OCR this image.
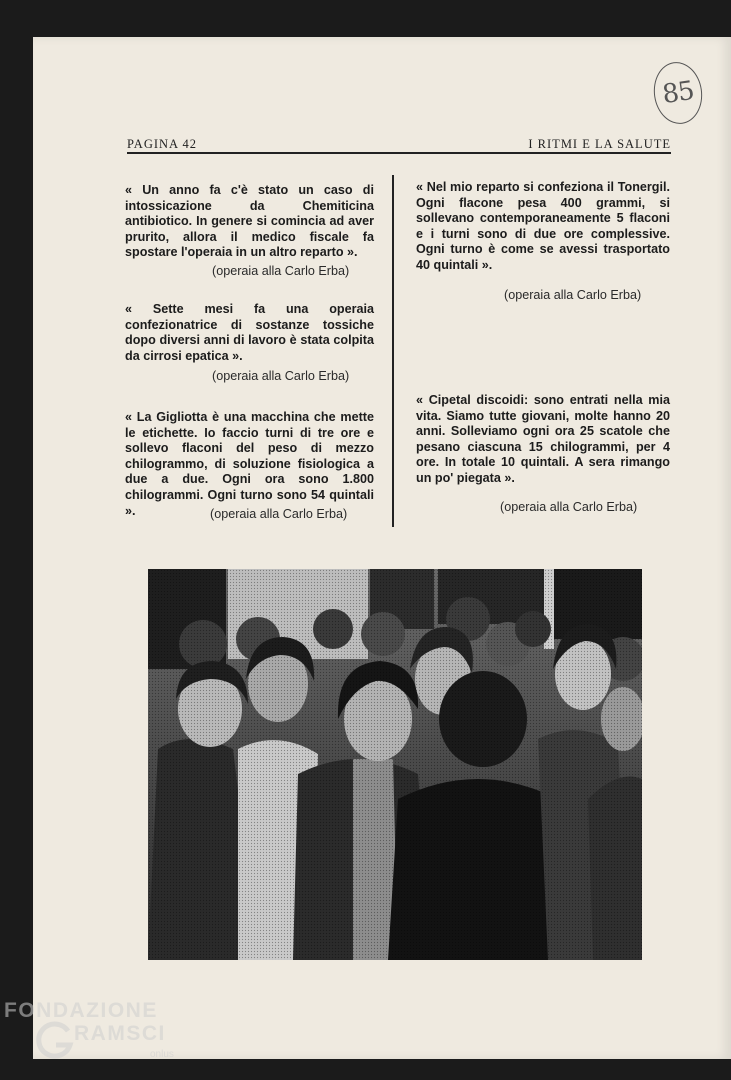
85
PAGINA 42	I RITMI E LA SALUTE

« Un anno fa c'è stato un caso di intossicazione da Chemiticina antibiotico. In genere si comincia ad aver prurito, allora il medico fiscale fa spostare l'operaia in un altro reparto ».

(operaia alla Carlo Erba)

« Sette mesi fa una operaia confezionatrice di sostanze tossiche dopo diversi anni di lavoro è stata colpita da cirrosi epatica ».

(operaia alla Carlo Erba)

« La Gigliotta è una macchina che mette le etichette. Io faccio turni di tre ore e sollevo flaconi del peso di mezzo chilogrammo, di soluzione fisiologica a due a due. Ogni ora sono 1.800 chilogrammi. Ogni turno sono 54 quintali ».	(operaia alla Carlo Erba)

« Nel mio reparto si confeziona il Tonergil. Ogni flacone pesa 400 grammi, si sollevano contemporaneamente 5 flaconi e i turni sono di due ore complessive. Ogni turno è come se avessi trasportato 40 quintali ».

(operaia alla Carlo Erba)

« Cipetal discoidi: sono entrati nella mia vita. Siamo tutte giovani, molte hanno 20 anni. Solleviamo ogni ora 25 scatole che pesano ciascuna 15 chilogrammi, per 4 ore. In totale 10 quintali. A sera rimango un po' piegata ».

(operaia alla Carlo Erba)

FONDAZIONE
RAMSCI
onlus
